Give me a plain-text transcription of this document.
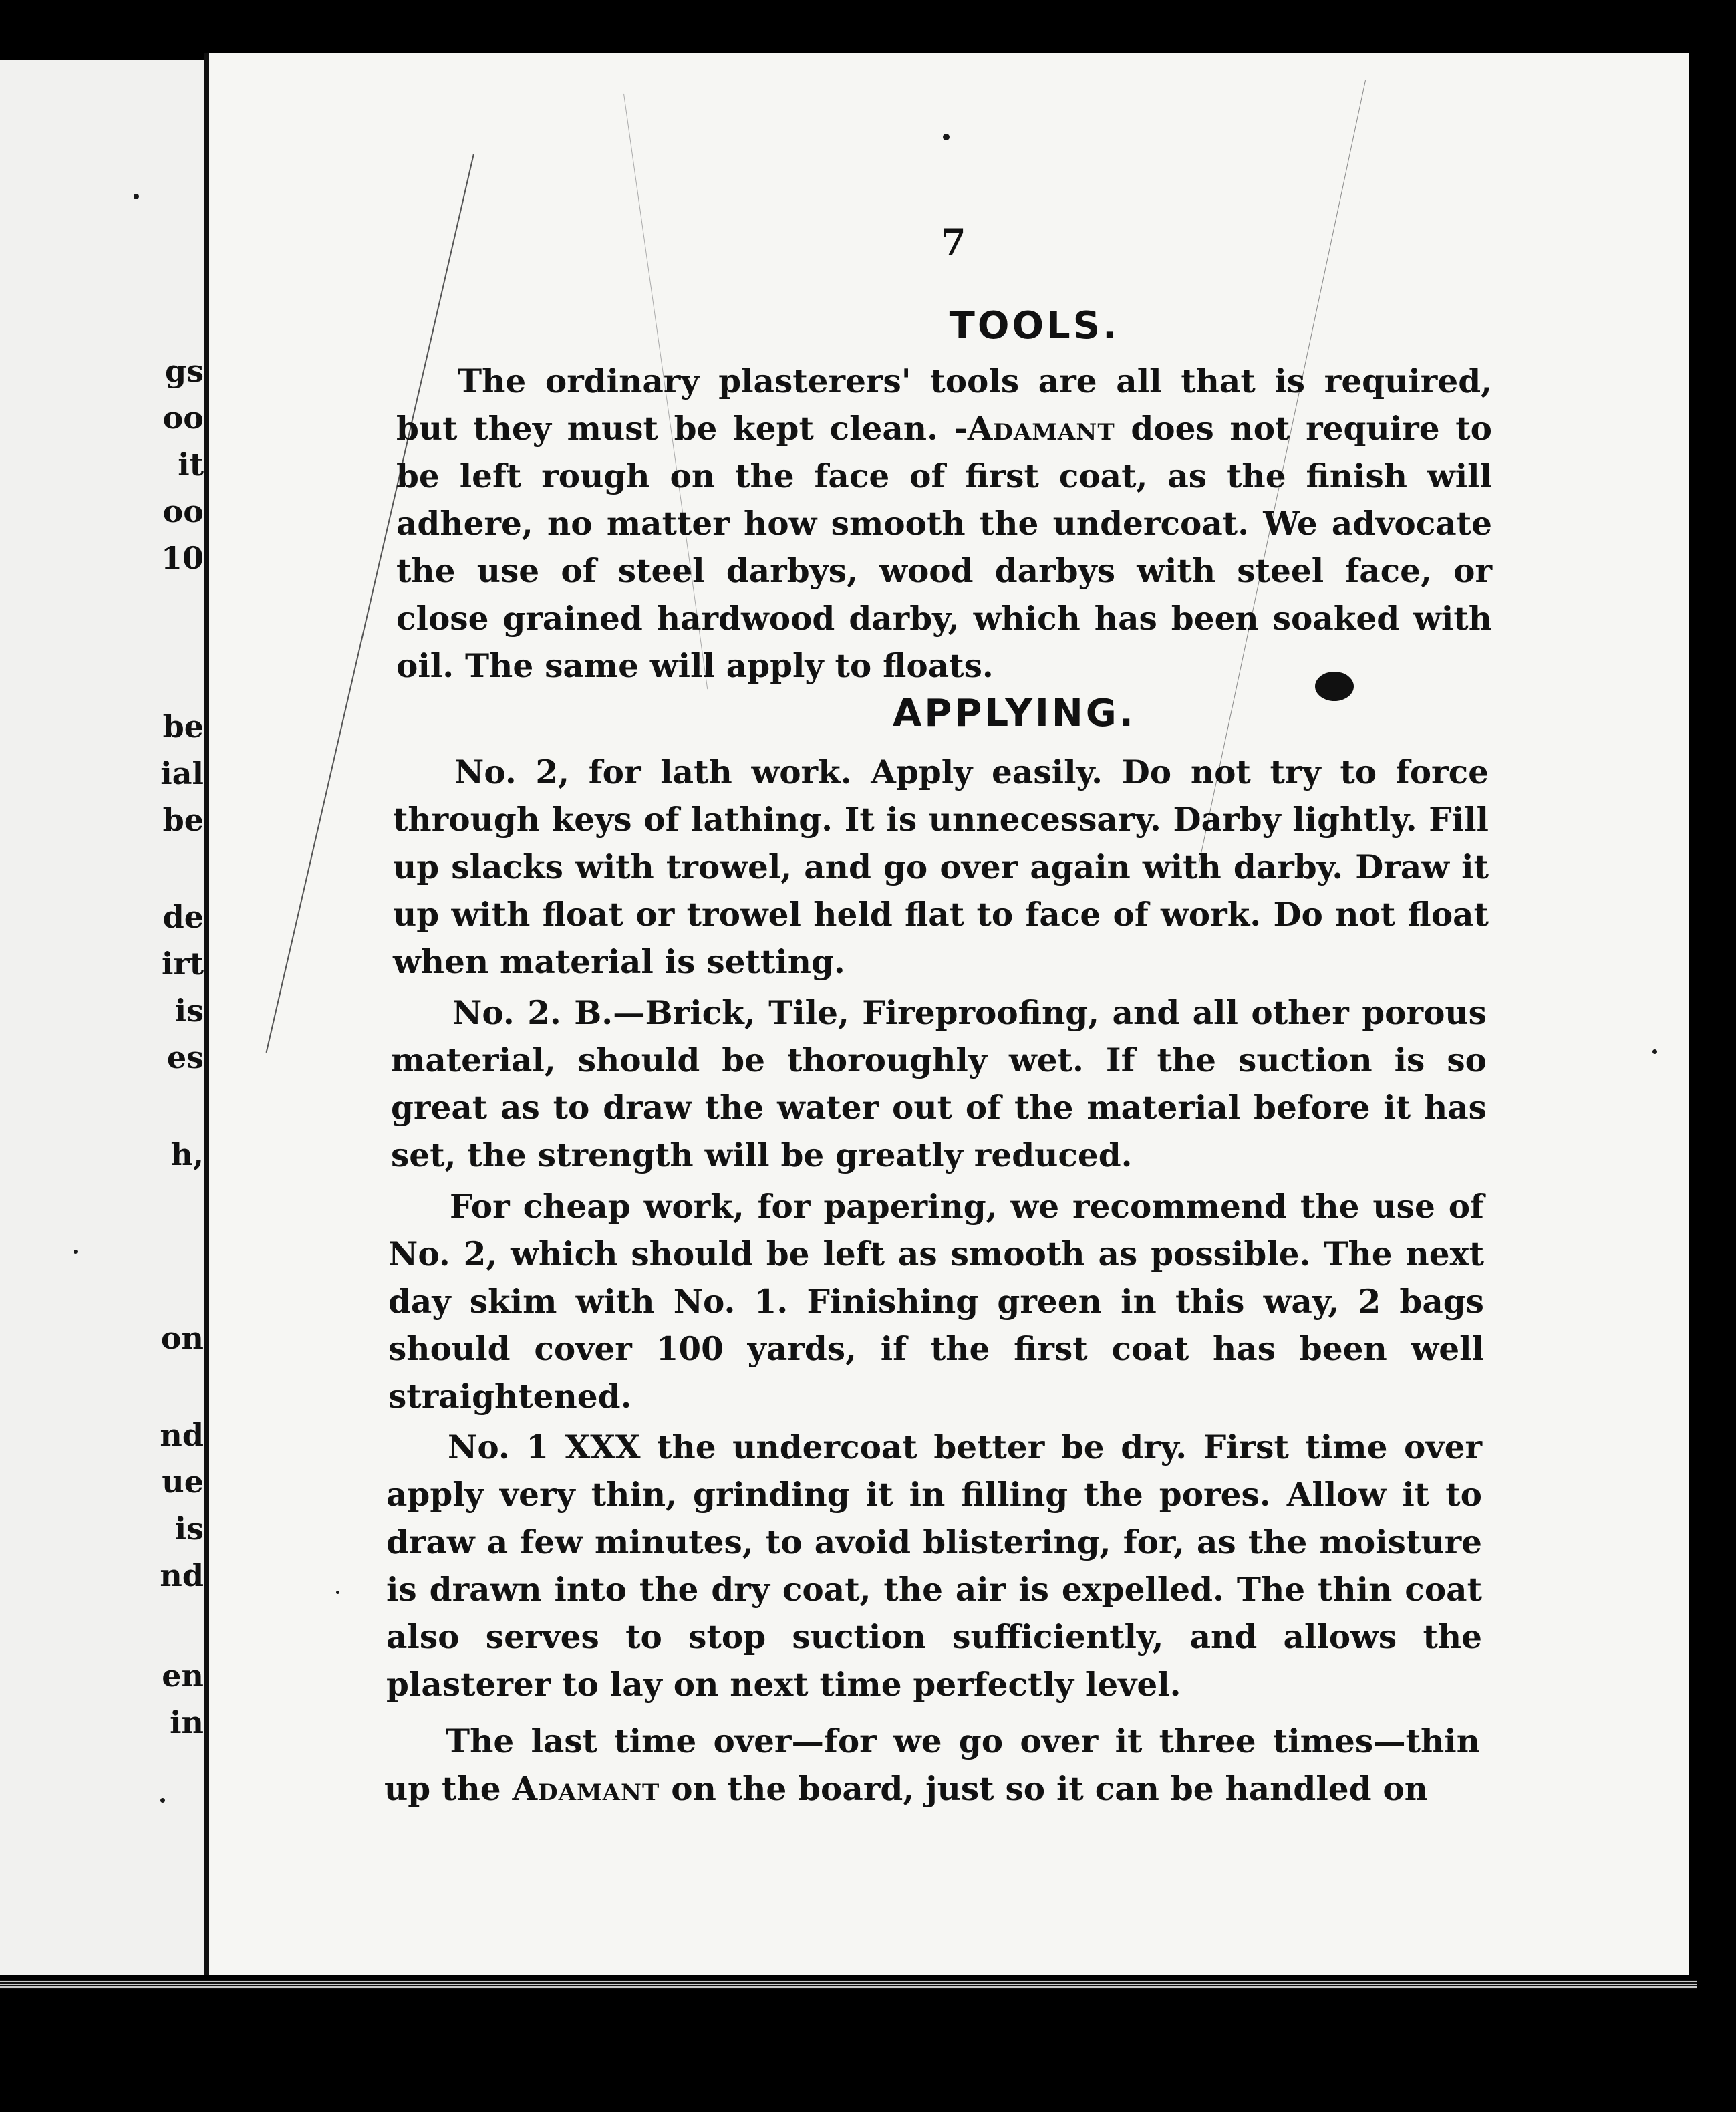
gs
oo
it
oo
10
be
ial
be
de
irt
is
es
h,
on
nd
ue
is
nd
en
in
7
TOOLS.

The ordinary plasterers' tools are all that is required, but they must be kept clean. -Adamant does not require to be left rough on the face of first coat, as the finish will adhere, no matter how smooth the undercoat. We advocate the use of steel darbys, wood darbys with steel face, or close grained hardwood darby, which has been soaked with oil. The same will apply to floats.

APPLYING.

No. 2, for lath work. Apply easily. Do not try to force through keys of lathing. It is unnecessary. Darby lightly. Fill up slacks with trowel, and go over again with darby. Draw it up with float or trowel held flat to face of work. Do not float when material is setting.

No. 2. B.—Brick, Tile, Fireproofing, and all other porous material, should be thoroughly wet. If the suction is so great as to draw the water out of the material before it has set, the strength will be greatly reduced.

For cheap work, for papering, we recommend the use of No. 2, which should be left as smooth as possible. The next day skim with No. 1. Finishing green in this way, 2 bags should cover 100 yards, if the first coat has been well straightened.

No. 1 XXX the undercoat better be dry. First time over apply very thin, grinding it in filling the pores. Allow it to draw a few minutes, to avoid blistering, for, as the moisture is drawn into the dry coat, the air is expelled. The thin coat also serves to stop suction sufficiently, and allows the plasterer to lay on next time perfectly level.

The last time over—for we go over it three times—thin up the Adamant on the board, just so it can be handled on
